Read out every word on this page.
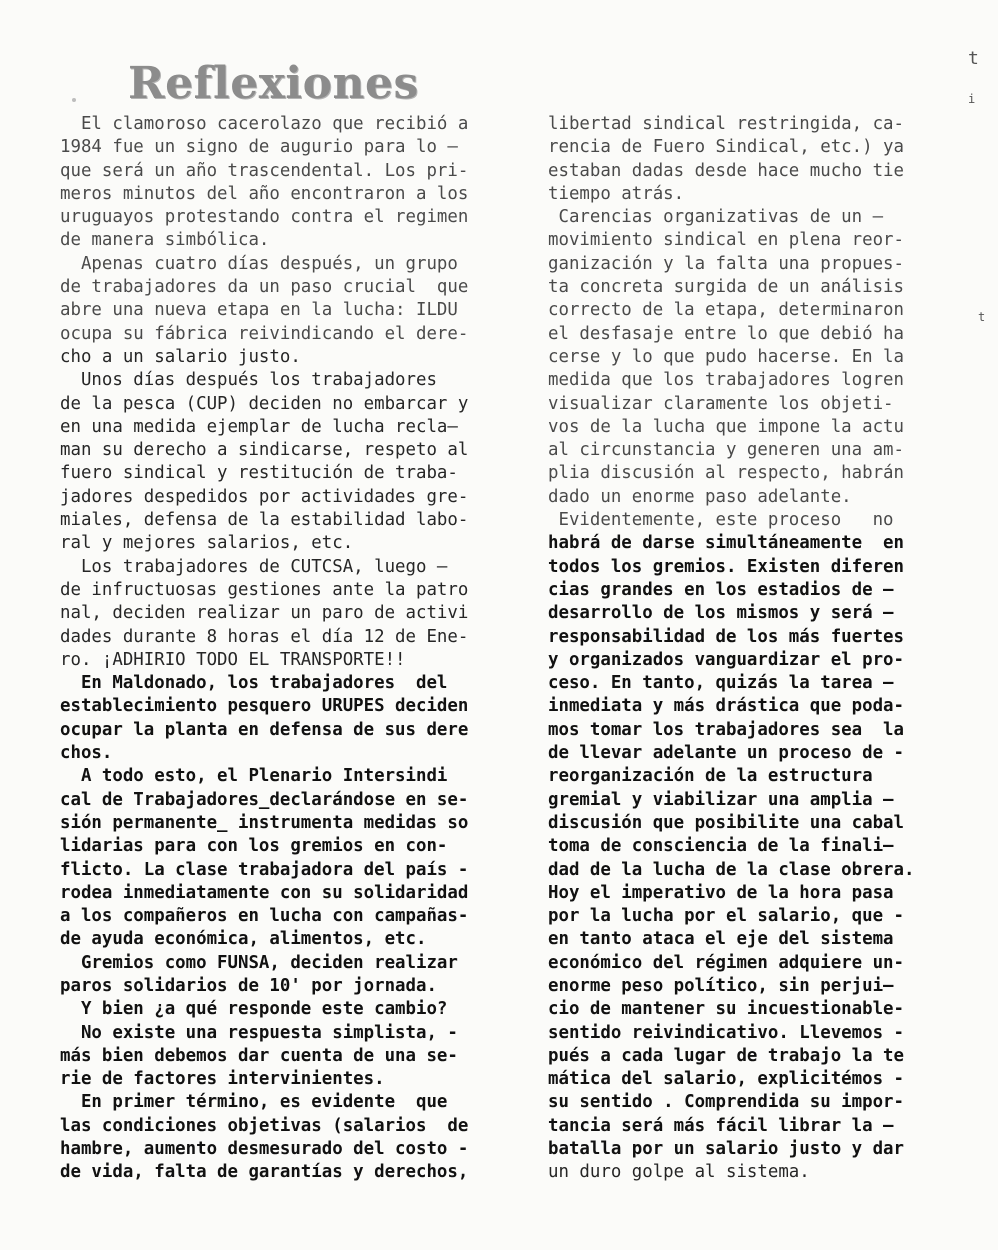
Reflexiones
El clamoroso cacerolazo que recibió a
1984 fue un signo de augurio para lo —
que será un año trascendental. Los pri-
meros minutos del año encontraron a los
uruguayos protestando contra el regimen
de manera simbólica.
Apenas cuatro días después, un grupo
de trabajadores da un paso crucial  que
abre una nueva etapa en la lucha: ILDU
ocupa su fábrica reivindicando el dere-
cho a un salario justo.
Unos días después los trabajadores
de la pesca (CUP) deciden no embarcar y
en una medida ejemplar de lucha recla—
man su derecho a sindicarse, respeto al
fuero sindical y restitución de traba-
jadores despedidos por actividades gre-
miales, defensa de la estabilidad labo-
ral y mejores salarios, etc.
Los trabajadores de CUTCSA, luego —
de infructuosas gestiones ante la patro
nal, deciden realizar un paro de activi
dades durante 8 horas el día 12 de Ene-
ro. ¡ADHIRIO TODO EL TRANSPORTE!!
En Maldonado, los trabajadores  del
establecimiento pesquero URUPES deciden
ocupar la planta en defensa de sus dere
chos.
A todo esto, el Plenario Intersindi
cal de Trabajadores_declarándose en se-
sión permanente_ instrumenta medidas so
lidarias para con los gremios en con-
flicto. La clase trabajadora del país -
rodea inmediatamente con su solidaridad
a los compañeros en lucha con campañas-
de ayuda económica, alimentos, etc.
Gremios como FUNSA, deciden realizar
paros solidarios de 10' por jornada.
Y bien ¿a qué responde este cambio?
No existe una respuesta simplista, -
más bien debemos dar cuenta de una se-
rie de factores intervinientes.
En primer término, es evidente  que
las condiciones objetivas (salarios  de
hambre, aumento desmesurado del costo -
de vida, falta de garantías y derechos,
libertad sindical restringida, ca-
rencia de Fuero Sindical, etc.) ya
estaban dadas desde hace mucho tie
tiempo atrás.
Carencias organizativas de un —
movimiento sindical en plena reor-
ganización y la falta una propues-
ta concreta surgida de un análisis
correcto de la etapa, determinaron
el desfasaje entre lo que debió ha
cerse y lo que pudo hacerse. En la
medida que los trabajadores logren
visualizar claramente los objeti-
vos de la lucha que impone la actu
al circunstancia y generen una am-
plia discusión al respecto, habrán
dado un enorme paso adelante.
Evidentemente, este proceso   no
habrá de darse simultáneamente  en
todos los gremios. Existen diferen
cias grandes en los estadios de —
desarrollo de los mismos y será —
responsabilidad de los más fuertes
y organizados vanguardizar el pro-
ceso. En tanto, quizás la tarea —
inmediata y más drástica que poda-
mos tomar los trabajadores sea  la
de llevar adelante un proceso de -
reorganización de la estructura
gremial y viabilizar una amplia —
discusión que posibilite una cabal
toma de consciencia de la finali—
dad de la lucha de la clase obrera.
Hoy el imperativo de la hora pasa
por la lucha por el salario, que -
en tanto ataca el eje del sistema
económico del régimen adquiere un-
enorme peso político, sin perjui—
cio de mantener su incuestionable-
sentido reivindicativo. Llevemos -
pués a cada lugar de trabajo la te
mática del salario, explicitémos -
su sentido . Comprendida su impor-
tancia será más fácil librar la —
batalla por un salario justo y dar
un duro golpe al sistema.
t
i
t
